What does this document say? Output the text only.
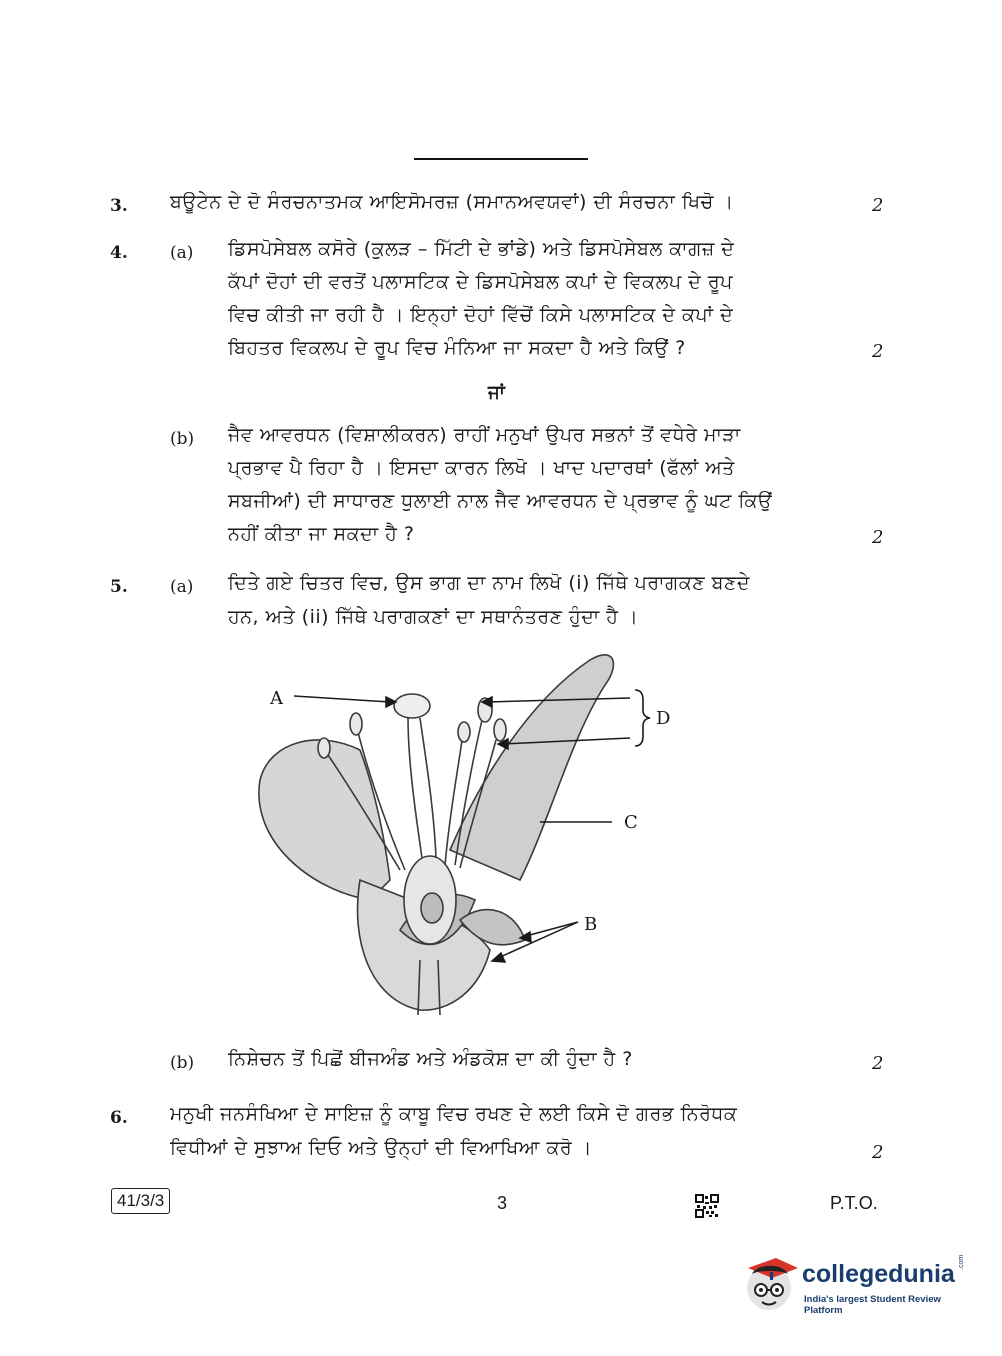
3. ਬਊਟੇਨ ਦੇ ਦੋ ਸੰਰਚਨਾਤਮਕ ਆਇਸੋਮਰਜ਼ (ਸਮਾਨਅਵਯਵਾਂ) ਦੀ ਸੰਰਚਨਾ ਖਿਚੋ ।	2
4. (a) ਡਿਸਪੋਸੇਬਲ ਕਸੋਰੇ (ਕੁਲੜ – ਮਿੱਟੀ ਦੇ ਭਾਂਡੇ) ਅਤੇ ਡਿਸਪੋਸੇਬਲ ਕਾਗਜ਼ ਦੇ
ਕੱਪਾਂ ਦੋਹਾਂ ਦੀ ਵਰਤੋਂ ਪਲਾਸਟਿਕ ਦੇ ਡਿਸਪੋਸੇਬਲ ਕਪਾਂ ਦੇ ਵਿਕਲਪ ਦੇ ਰੂਪ
ਵਿਚ ਕੀਤੀ ਜਾ ਰਹੀ ਹੈ । ਇਨ੍ਹਾਂ ਦੋਹਾਂ ਵਿੱਚੋਂ ਕਿਸੇ ਪਲਾਸਟਿਕ ਦੇ ਕਪਾਂ ਦੇ
ਬਿਹਤਰ ਵਿਕਲਪ ਦੇ ਰੂਪ ਵਿਚ ਮੰਨਿਆ ਜਾ ਸਕਦਾ ਹੈ ਅਤੇ ਕਿਉਂ ?	2
ਜਾਂ
(b) ਜੈਵ ਆਵਰਧਨ (ਵਿਸ਼ਾਲੀਕਰਨ) ਰਾਹੀਂ ਮਨੁਖਾਂ ਉਪਰ ਸਭਨਾਂ ਤੋਂ ਵਧੇਰੇ ਮਾੜਾ
ਪ੍ਰਭਾਵ ਪੈ ਰਿਹਾ ਹੈ । ਇਸਦਾ ਕਾਰਨ ਲਿਖੋ । ਖਾਦ ਪਦਾਰਥਾਂ (ਫੱਲਾਂ ਅਤੇ
ਸਬਜੀਆਂ) ਦੀ ਸਾਧਾਰਣ ਧੁਲਾਈ ਨਾਲ ਜੈਵ ਆਵਰਧਨ ਦੇ ਪ੍ਰਭਾਵ ਨੂੰ ਘਟ ਕਿਉਂ
ਨਹੀਂ ਕੀਤਾ ਜਾ ਸਕਦਾ ਹੈ ?	2
5. (a) ਦਿਤੇ ਗਏ ਚਿਤਰ ਵਿਚ, ਉਸ ਭਾਗ ਦਾ ਨਾਮ ਲਿਖੋ (i) ਜਿੱਥੇ ਪਰਾਗਕਣ ਬਣਦੇ
ਹਨ, ਅਤੇ (ii) ਜਿੱਥੇ ਪਰਾਗਕਣਾਂ ਦਾ ਸਥਾਨੰਤਰਣ ਹੁੰਦਾ ਹੈ ।
A
D
C
B
(b) ਨਿਸ਼ੇਚਨ ਤੋਂ ਪਿਛੋਂ ਬੀਜਅੰਡ ਅਤੇ ਅੰਡਕੋਸ਼ ਦਾ ਕੀ ਹੁੰਦਾ ਹੈ ?	2
6. ਮਨੁਖੀ ਜਨਸੰਖਿਆ ਦੇ ਸਾਇਜ਼ ਨੂੰ ਕਾਬੂ ਵਿਚ ਰਖਣ ਦੇ ਲਈ ਕਿਸੇ ਦੋ ਗਰਭ ਨਿਰੋਧਕ
ਵਿਧੀਆਂ ਦੇ ਸੁਝਾਅ ਦਿਓ ਅਤੇ ਉਨ੍ਹਾਂ ਦੀ ਵਿਆਖਿਆ ਕਰੋ ।	2
41/3/3	3	P.T.O.
collegedunia .com
India's largest Student Review Platform
